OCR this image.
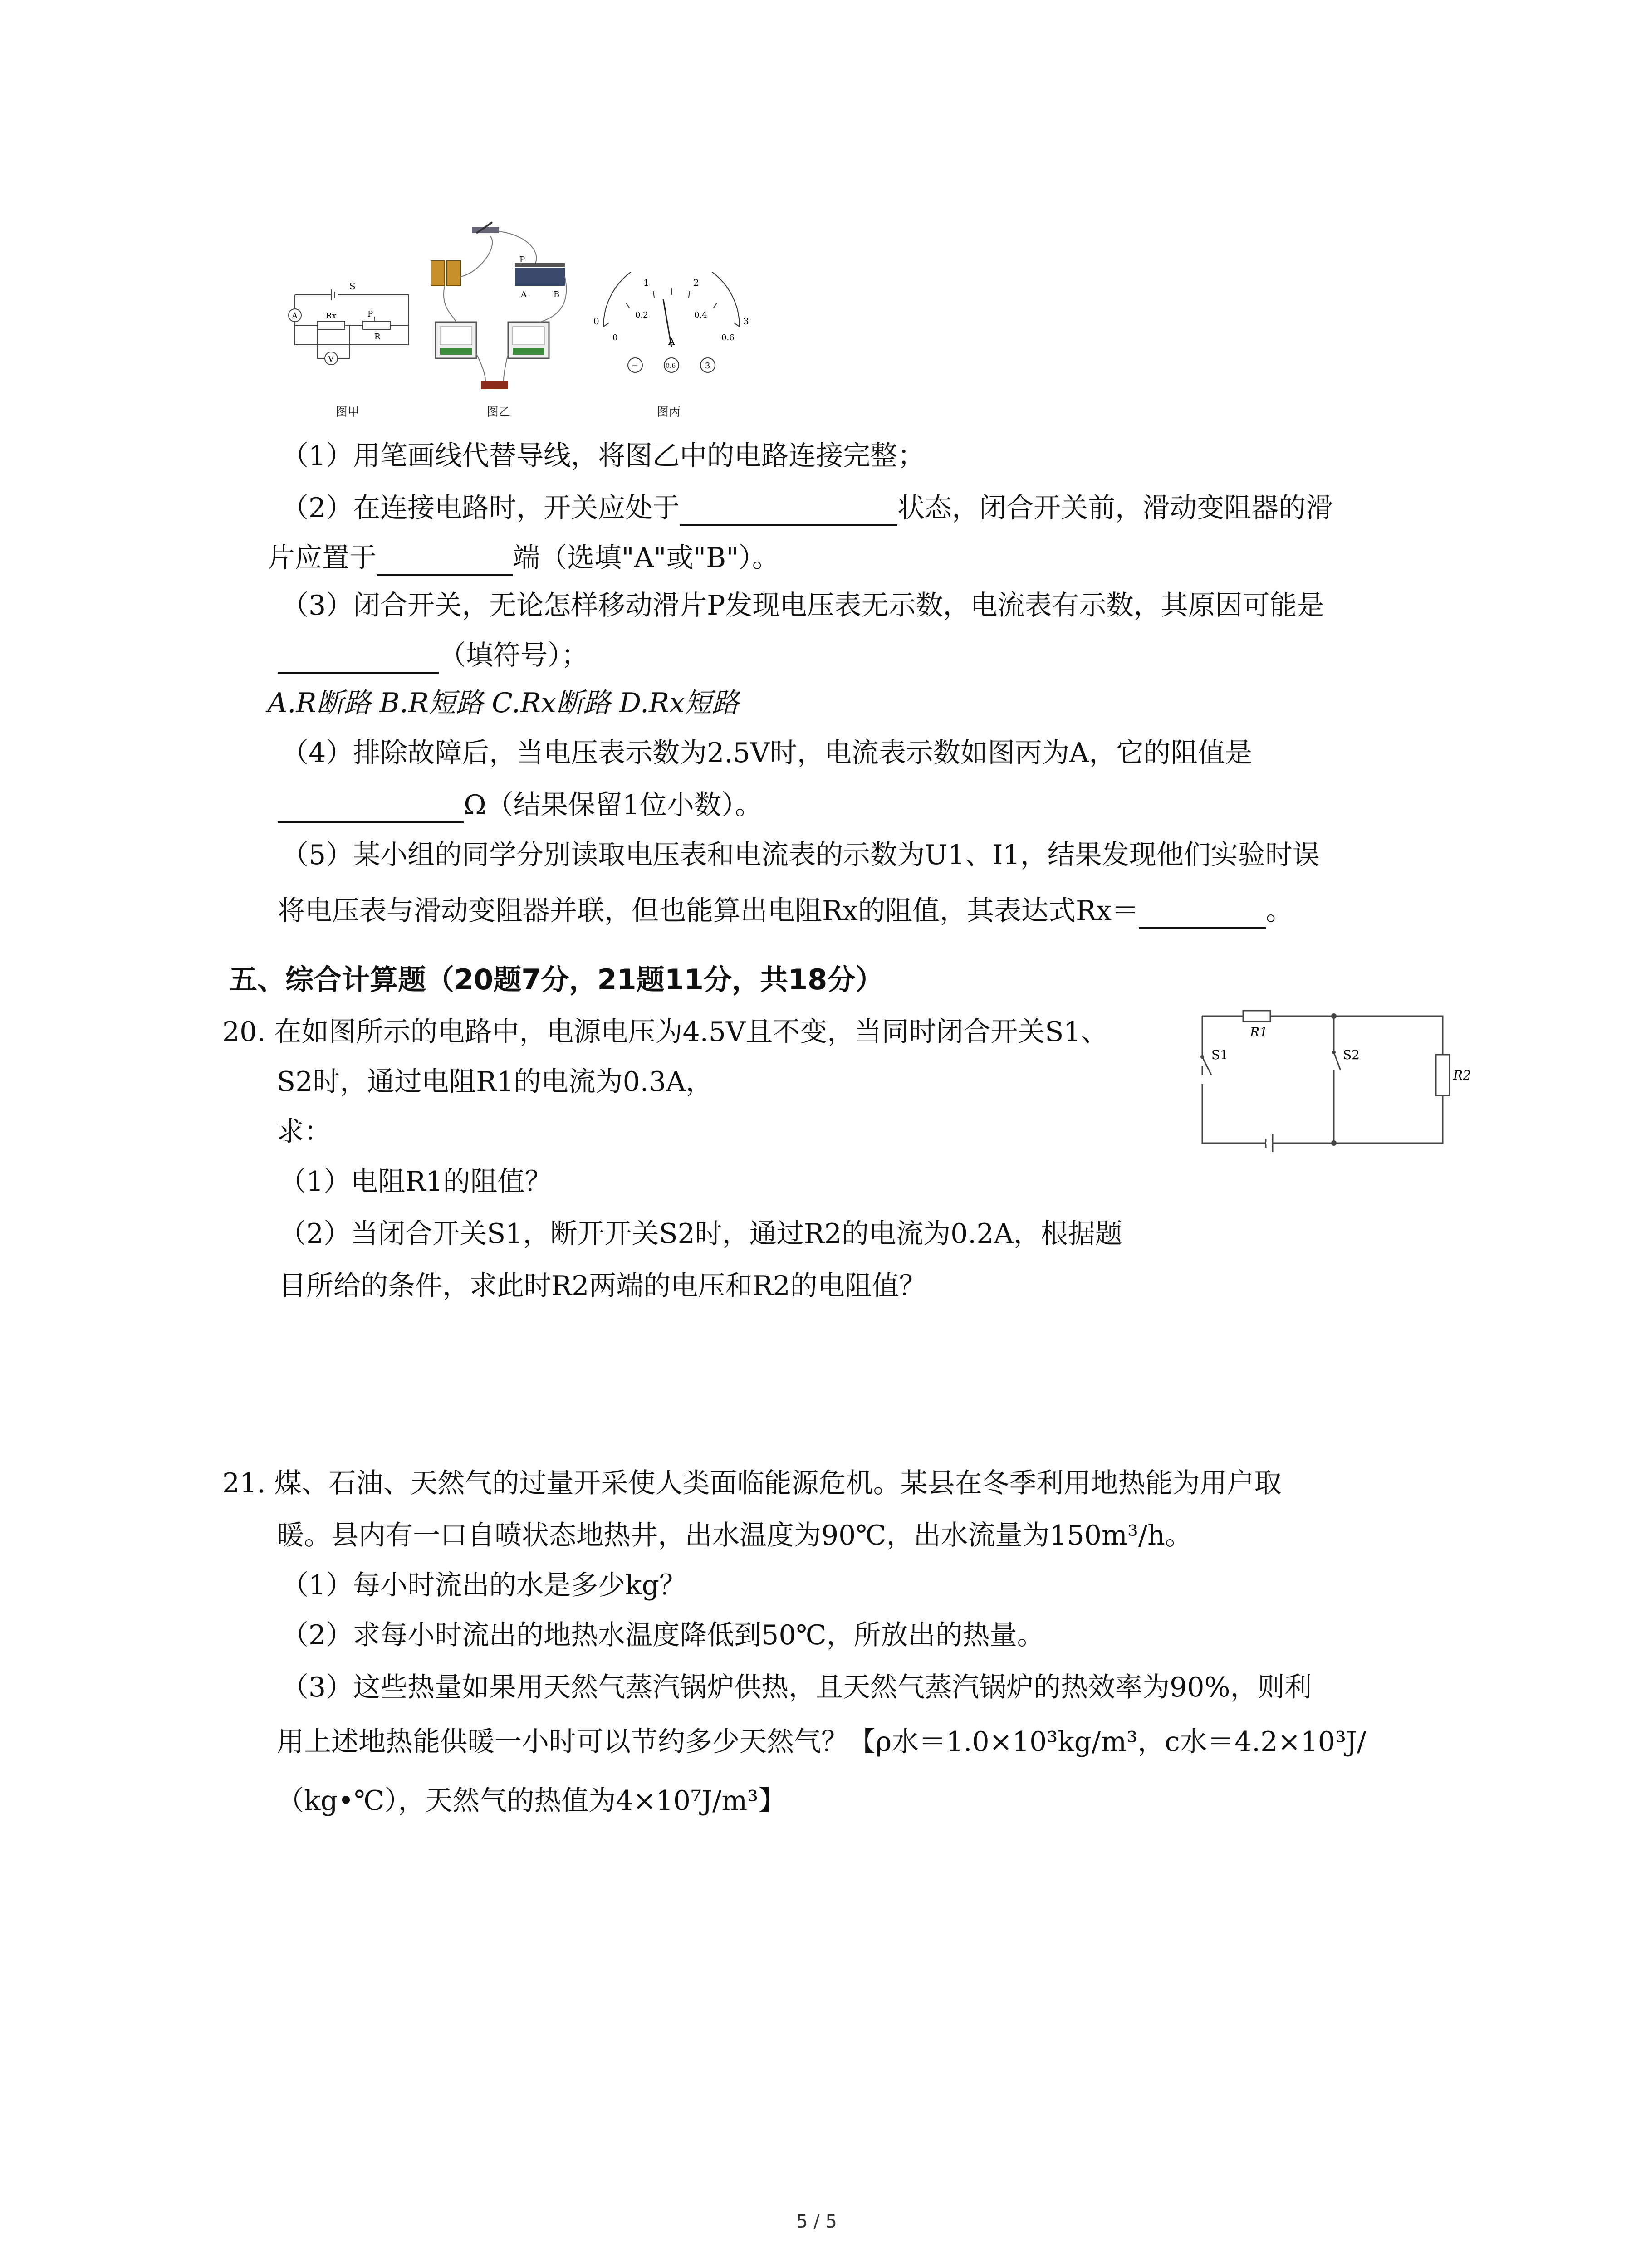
S
A
V
Rx
R
P
图甲
P
A	B
图乙
0
1	2
3
0
0.2	0.4
0.6
A
−	0.6	3
图丙
（1）用笔画线代替导线，将图乙中的电路连接完整；
（2）在连接电路时，开关应处于	状态，闭合开关前，滑动变阻器的滑
片应置于	端（选填"A"或"B"）。
（3）闭合开关，无论怎样移动滑片P发现电压表无示数，电流表有示数，其原因可能是
（填符号）；
A.R断路 B.R短路 C.Rx断路 D.Rx短路
（4）排除故障后，当电压表示数为2.5V时，电流表示数如图丙为A，它的阻值是
Ω（结果保留1位小数）。
（5）某小组的同学分别读取电压表和电流表的示数为U1、I1，结果发现他们实验时误
将电压表与滑动变阻器并联，但也能算出电阻Rx的阻值，其表达式Rx＝	。
五、综合计算题（20题7分，21题11分，共18分）
20. 在如图所示的电路中，电源电压为4.5V且不变，当同时闭合开关S1、
S2时，通过电阻R1的电流为0.3A，
求：
（1）电阻R1的阻值？
（2）当闭合开关S1，断开开关S2时，通过R2的电流为0.2A，根据题
目所给的条件，求此时R2两端的电压和R2的电阻值？
R1
R2
S1	S2
21. 煤、石油、天然气的过量开采使人类面临能源危机。某县在冬季利用地热能为用户取
暖。县内有一口自喷状态地热井，出水温度为90℃，出水流量为150m³/h。
（1）每小时流出的水是多少kg？
（2）求每小时流出的地热水温度降低到50℃，所放出的热量。
（3）这些热量如果用天然气蒸汽锅炉供热，且天然气蒸汽锅炉的热效率为90%，则利
用上述地热能供暖一小时可以节约多少天然气？【ρ水＝1.0×10³kg/m³，c水＝4.2×10³J/
（kg•℃），天然气的热值为4×10⁷J/m³】
5 / 5
